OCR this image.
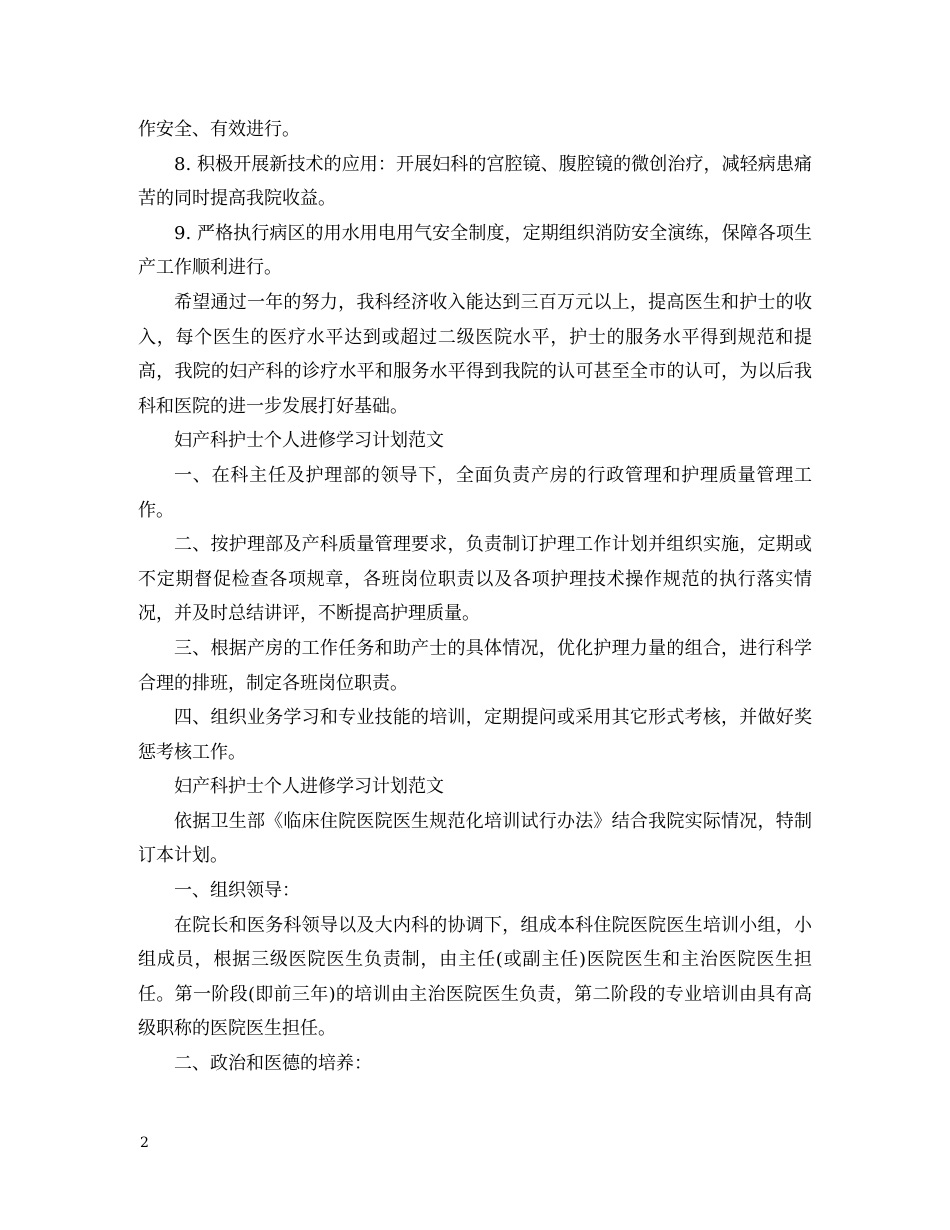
作安全、有效进行。

8. 积极开展新技术的应用：开展妇科的宫腔镜、腹腔镜的微创治疗，减轻病患痛苦的同时提高我院收益。

9. 严格执行病区的用水用电用气安全制度，定期组织消防安全演练，保障各项生产工作顺利进行。

希望通过一年的努力，我科经济收入能达到三百万元以上，提高医生和护士的收入，每个医生的医疗水平达到或超过二级医院水平，护士的服务水平得到规范和提高，我院的妇产科的诊疗水平和服务水平得到我院的认可甚至全市的认可，为以后我科和医院的进一步发展打好基础。

妇产科护士个人进修学习计划范文

一、在科主任及护理部的领导下，全面负责产房的行政管理和护理质量管理工作。

二、按护理部及产科质量管理要求，负责制订护理工作计划并组织实施，定期或不定期督促检查各项规章，各班岗位职责以及各项护理技术操作规范的执行落实情况，并及时总结讲评，不断提高护理质量。

三、根据产房的工作任务和助产士的具体情况，优化护理力量的组合，进行科学合理的排班，制定各班岗位职责。

四、组织业务学习和专业技能的培训，定期提问或采用其它形式考核，并做好奖惩考核工作。

妇产科护士个人进修学习计划范文

依据卫生部《临床住院医院医生规范化培训试行办法》结合我院实际情况，特制订本计划。

一、组织领导：

在院长和医务科领导以及大内科的协调下，组成本科住院医院医生培训小组，小组成员，根据三级医院医生负责制，由主任(或副主任)医院医生和主治医院医生担任。第一阶段(即前三年)的培训由主治医院医生负责，第二阶段的专业培训由具有高级职称的医院医生担任。

二、政治和医德的培养：

2
